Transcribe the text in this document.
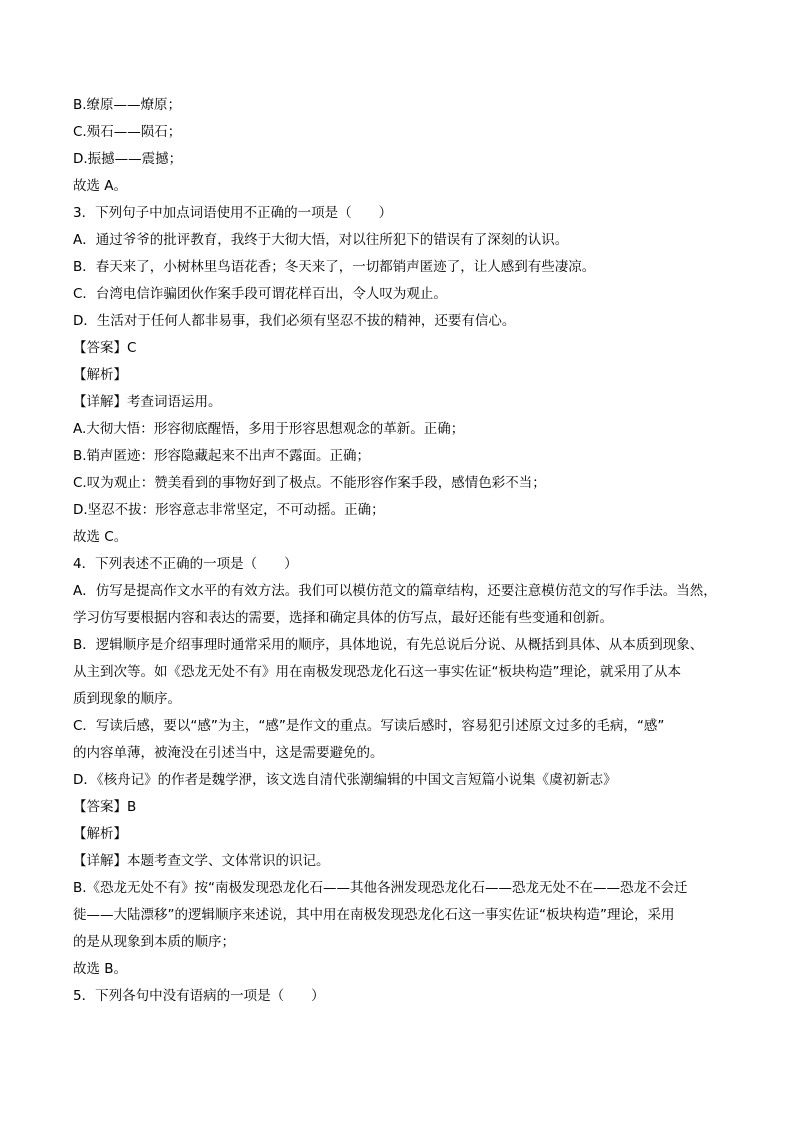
B.缭原——燎原；
C.殒石——陨石；
D.振撼——震撼；
故选 A。
3．下列句子中加点词语使用不正确的一项是（　　）
A．通过爷爷的批评教育，我终于大彻大悟，对以往所犯下的错误有了深刻的认识。
B．春天来了，小树林里鸟语花香；冬天来了，一切都销声匿迹了，让人感到有些凄凉。
C．台湾电信诈骗团伙作案手段可谓花样百出，令人叹为观止。
D．生活对于任何人都非易事，我们必须有坚忍不拔的精神，还要有信心。
【答案】C
【解析】
【详解】考查词语运用。
A.大彻大悟：形容彻底醒悟，多用于形容思想观念的革新。正确；
B.销声匿迹：形容隐藏起来不出声不露面。正确；
C.叹为观止：赞美看到的事物好到了极点。不能形容作案手段，感情色彩不当；
D.坚忍不拔：形容意志非常坚定，不可动摇。正确；
故选 C。
4．下列表述不正确的一项是（　　）
A．仿写是提高作文水平的有效方法。我们可以模仿范文的篇章结构，还要注意模仿范文的写作手法。当然，
学习仿写要根据内容和表达的需要，选择和确定具体的仿写点，最好还能有些变通和创新。
B．逻辑顺序是介绍事理时通常采用的顺序，具体地说，有先总说后分说、从概括到具体、从本质到现象、
从主到次等。如《恐龙无处不有》用在南极发现恐龙化石这一事实佐证“板块构造”理论，就采用了从本
质到现象的顺序。
C．写读后感，要以“感”为主，“感”是作文的重点。写读后感时，容易犯引述原文过多的毛病，“感”
的内容单薄，被淹没在引述当中，这是需要避免的。
D．《核舟记》的作者是魏学洢，该文选自清代张潮编辑的中国文言短篇小说集《虞初新志》
【答案】B
【解析】
【详解】本题考查文学、文体常识的识记。
B.《恐龙无处不有》按“南极发现恐龙化石——其他各洲发现恐龙化石——恐龙无处不在——恐龙不会迁
徙——大陆漂移”的逻辑顺序来述说，其中用在南极发现恐龙化石这一事实佐证“板块构造”理论，采用
的是从现象到本质的顺序；
故选 B。
5．下列各句中没有语病的一项是（　　）
